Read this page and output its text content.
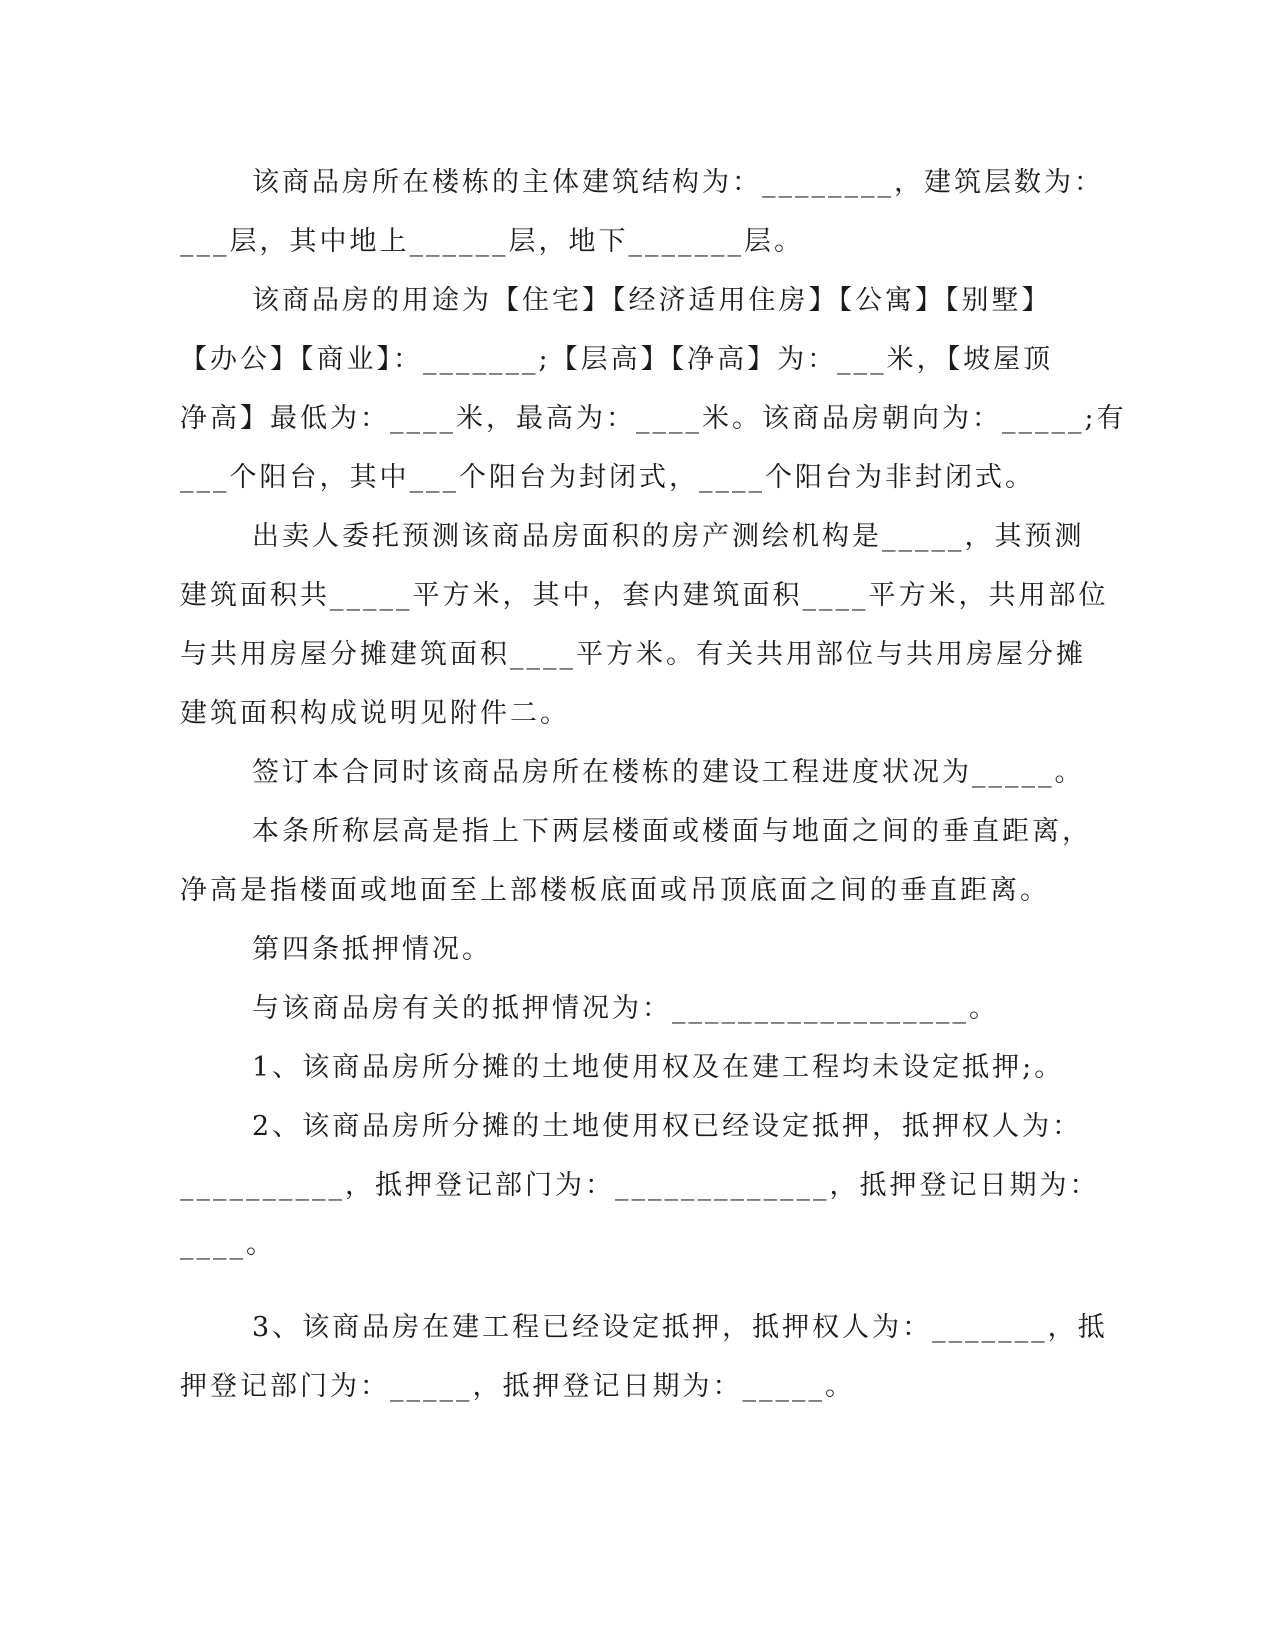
该商品房所在楼栋的主体建筑结构为：________，建筑层数为：
___层，其中地上______层，地下_______层。
该商品房的用途为【住宅】【经济适用住房】【公寓】【别墅】
【办公】【商业】：_______;【层高】【净高】为：___米，【坡屋顶
净高】最低为：____米，最高为：____米。该商品房朝向为：_____;有
___个阳台，其中___个阳台为封闭式，____个阳台为非封闭式。
出卖人委托预测该商品房面积的房产测绘机构是_____，其预测
建筑面积共_____平方米，其中，套内建筑面积____平方米，共用部位
与共用房屋分摊建筑面积____平方米。有关共用部位与共用房屋分摊
建筑面积构成说明见附件二。
签订本合同时该商品房所在楼栋的建设工程进度状况为_____。
本条所称层高是指上下两层楼面或楼面与地面之间的垂直距离，
净高是指楼面或地面至上部楼板底面或吊顶底面之间的垂直距离。
第四条抵押情况。
与该商品房有关的抵押情况为：__________________。
1、该商品房所分摊的土地使用权及在建工程均未设定抵押;。
2、该商品房所分摊的土地使用权已经设定抵押，抵押权人为：
__________，抵押登记部门为：_____________，抵押登记日期为：
____。
3、该商品房在建工程已经设定抵押，抵押权人为：_______，抵
押登记部门为：_____，抵押登记日期为：_____。
